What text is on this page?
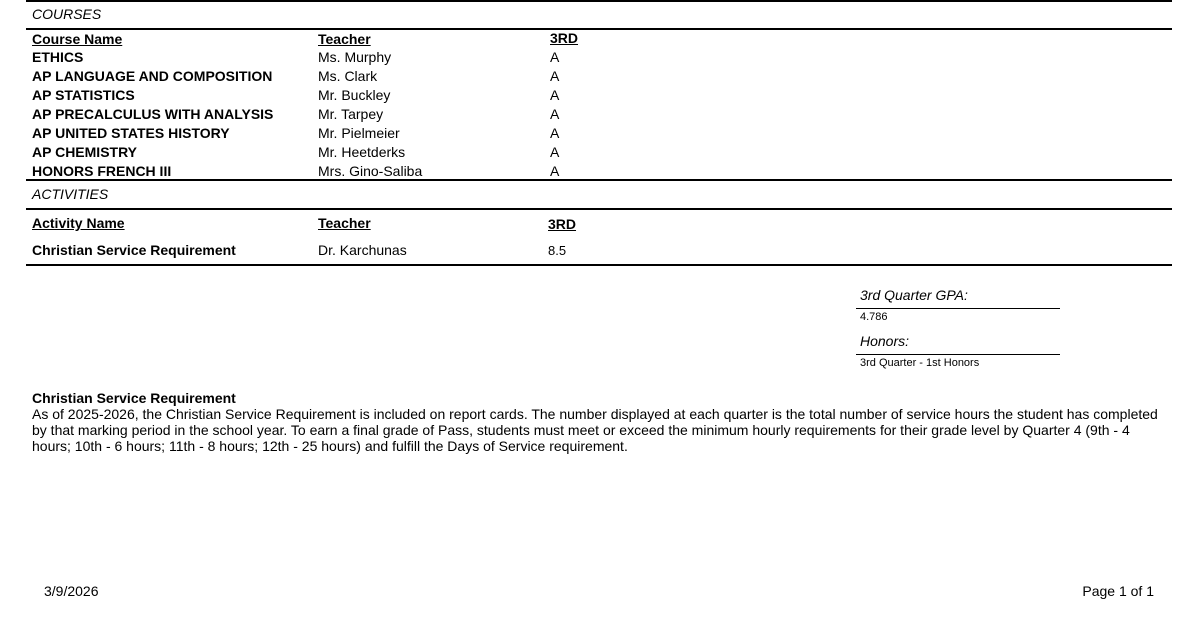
COURSES
Course Name	Teacher	3RD
ETHICS	Ms. Murphy	A
AP LANGUAGE AND COMPOSITION	Ms. Clark	A
AP STATISTICS	Mr. Buckley	A
AP PRECALCULUS WITH ANALYSIS	Mr. Tarpey	A
AP UNITED STATES HISTORY	Mr. Pielmeier	A
AP CHEMISTRY	Mr. Heetderks	A
HONORS FRENCH III	Mrs. Gino-Saliba	A
ACTIVITIES
Activity Name	Teacher	3RD
Christian Service Requirement	Dr. Karchunas	8.5
3rd Quarter GPA:
4.786
Honors:
3rd Quarter - 1st Honors
Christian Service Requirement
As of 2025-2026, the Christian Service Requirement is included on report cards. The number displayed at each quarter is the total number of service hours the student has completed by that marking period in the school year. To earn a final grade of Pass, students must meet or exceed the minimum hourly requirements for their grade level by Quarter 4 (9th - 4 hours; 10th - 6 hours; 11th - 8 hours; 12th - 25 hours) and fulfill the Days of Service requirement.
3/9/2026	Page 1 of 1
